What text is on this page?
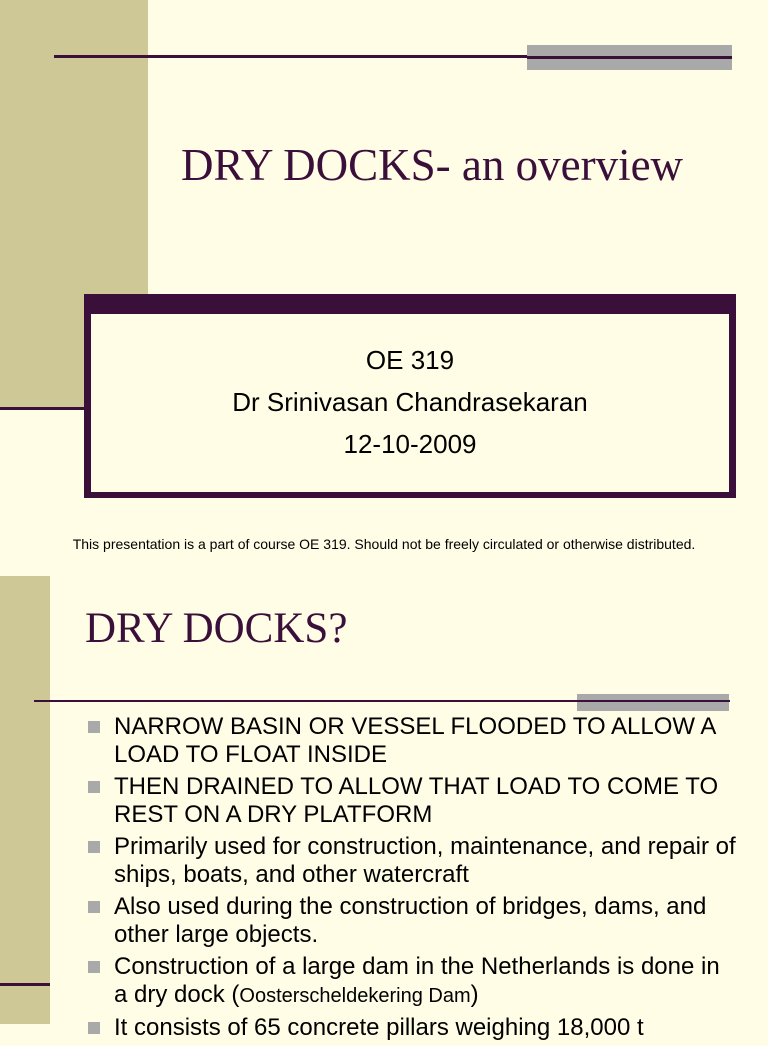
DRY DOCKS- an overview
OE 319
Dr Srinivasan Chandrasekaran
12-10-2009
This presentation is a part of course OE 319. Should not be freely circulated or otherwise distributed.
DRY DOCKS?
NARROW BASIN OR VESSEL FLOODED TO ALLOW A LOAD TO FLOAT INSIDE
THEN DRAINED TO ALLOW THAT LOAD TO COME TO REST ON A DRY PLATFORM
Primarily used for construction, maintenance, and repair of ships, boats, and other watercraft
Also used during the construction of bridges, dams, and other large objects.
Construction of a large dam in the Netherlands is done in a dry dock (Oosterscheldekering Dam)
It consists of 65 concrete pillars weighing 18,000 t
